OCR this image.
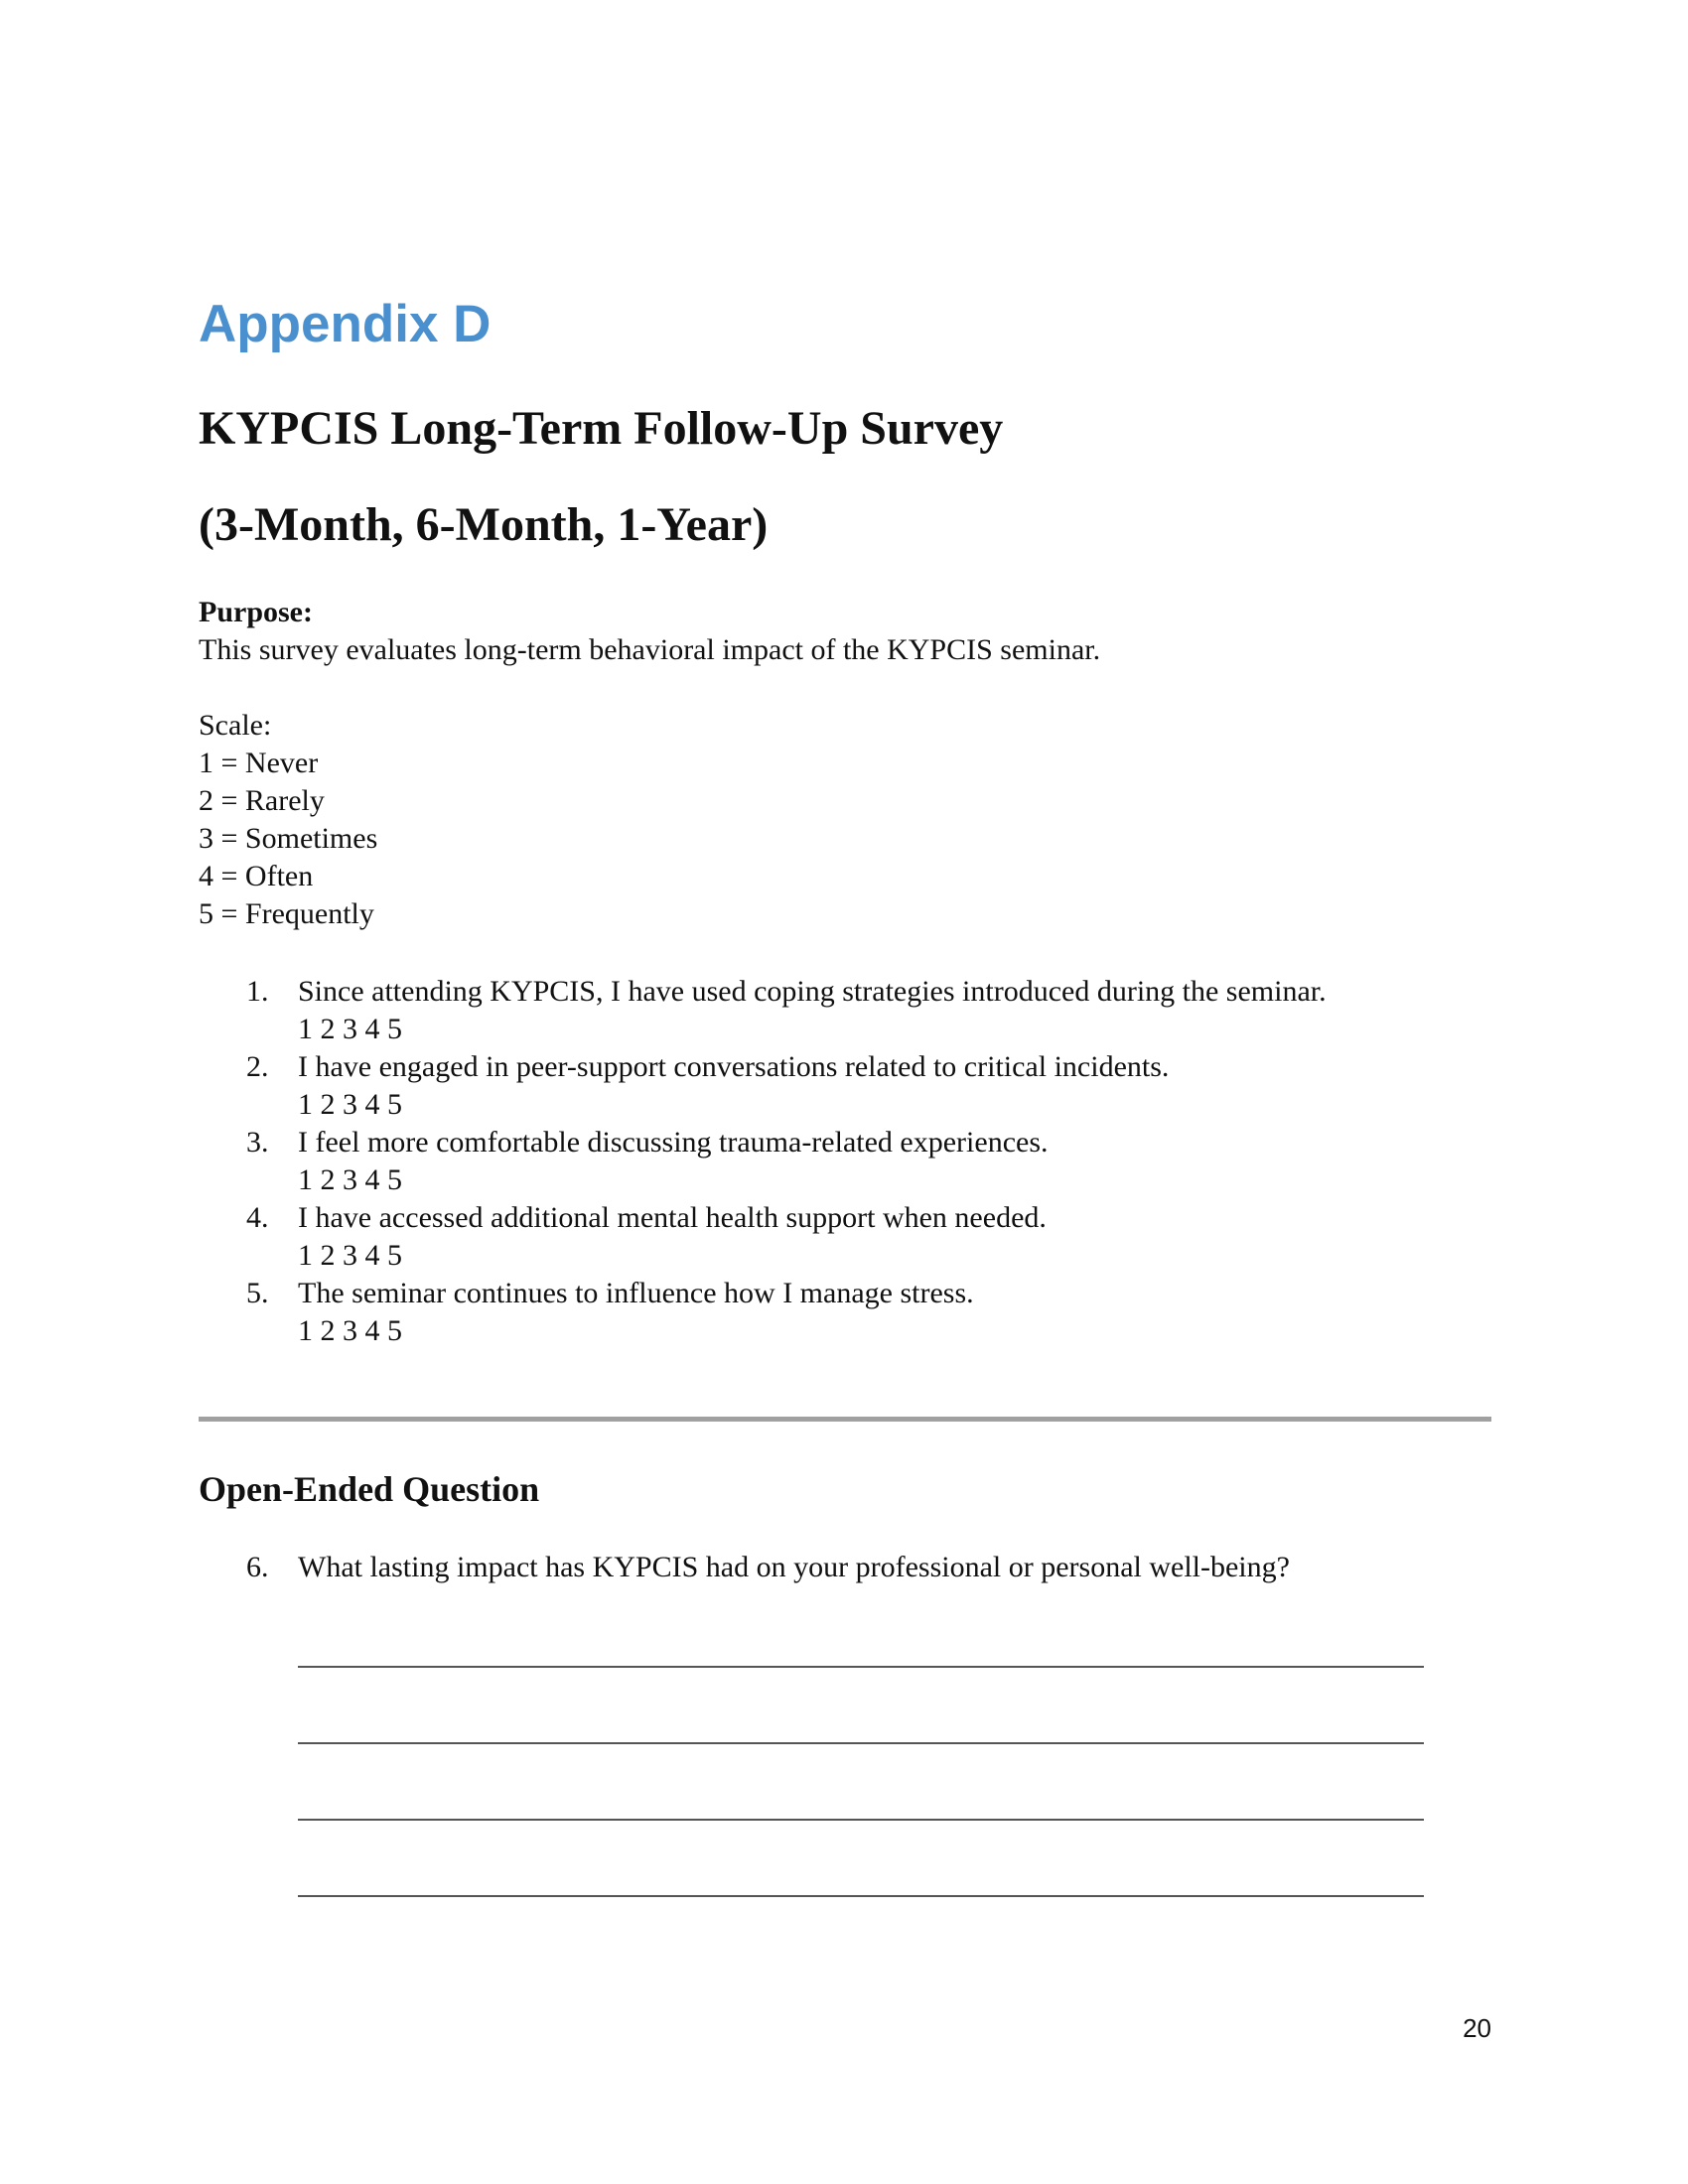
Appendix D
KYPCIS Long-Term Follow-Up Survey
(3-Month, 6-Month, 1-Year)

Purpose:

This survey evaluates long-term behavioral impact of the KYPCIS seminar.

Scale:
1 = Never
2 = Rarely
3 = Sometimes
4 = Often
5 = Frequently
1. Since attending KYPCIS, I have used coping strategies introduced during the seminar.
1 2 3 4 5
2. I have engaged in peer-support conversations related to critical incidents.
1 2 3 4 5
3. I feel more comfortable discussing trauma-related experiences.
1 2 3 4 5
4. I have accessed additional mental health support when needed.
1 2 3 4 5
5. The seminar continues to influence how I manage stress.
1 2 3 4 5
Open-Ended Question
6. What lasting impact has KYPCIS had on your professional or personal well-being?

20
